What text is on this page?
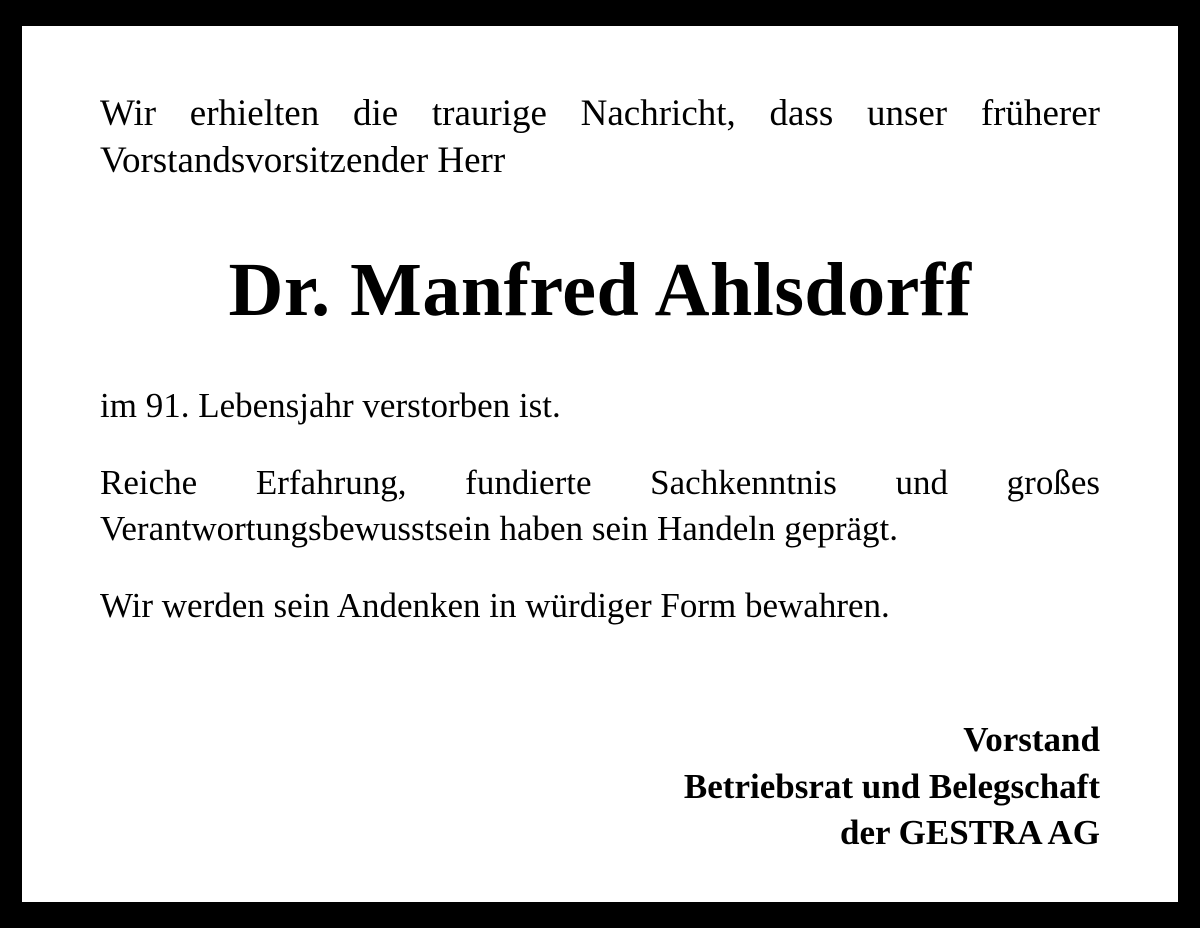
Wir erhielten die traurige Nachricht, dass unser früherer Vorstandsvorsitzender Herr

Dr. Manfred Ahlsdorff

im 91. Lebensjahr verstorben ist.

Reiche Erfahrung, fundierte Sachkenntnis und großes Verantwortungsbewusstsein haben sein Handeln geprägt.

Wir werden sein Andenken in würdiger Form bewahren.

Vorstand
Betriebsrat und Belegschaft
der GESTRA AG
